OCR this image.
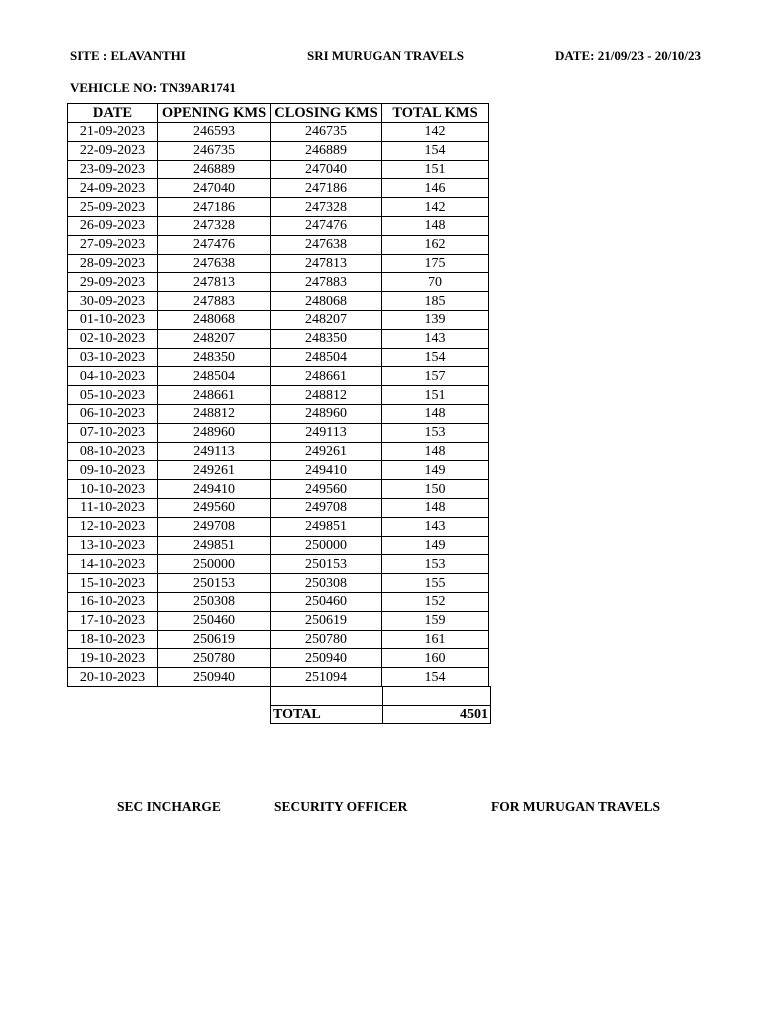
SITE : ELAVANTHI	SRI MURUGAN TRAVELS	DATE: 21/09/23 - 20/10/23
VEHICLE NO: TN39AR1741
DATE	OPENING KMS	CLOSING KMS	TOTAL KMS
21-09-2023	246593	246735	142
22-09-2023	246735	246889	154
23-09-2023	246889	247040	151
24-09-2023	247040	247186	146
25-09-2023	247186	247328	142
26-09-2023	247328	247476	148
27-09-2023	247476	247638	162
28-09-2023	247638	247813	175
29-09-2023	247813	247883	70
30-09-2023	247883	248068	185
01-10-2023	248068	248207	139
02-10-2023	248207	248350	143
03-10-2023	248350	248504	154
04-10-2023	248504	248661	157
05-10-2023	248661	248812	151
06-10-2023	248812	248960	148
07-10-2023	248960	249113	153
08-10-2023	249113	249261	148
09-10-2023	249261	249410	149
10-10-2023	249410	249560	150
11-10-2023	249560	249708	148
12-10-2023	249708	249851	143
13-10-2023	249851	250000	149
14-10-2023	250000	250153	153
15-10-2023	250153	250308	155
16-10-2023	250308	250460	152
17-10-2023	250460	250619	159
18-10-2023	250619	250780	161
19-10-2023	250780	250940	160
20-10-2023	250940	251094	154

TOTAL	4501
SEC INCHARGE	SECURITY OFFICER	FOR MURUGAN TRAVELS
